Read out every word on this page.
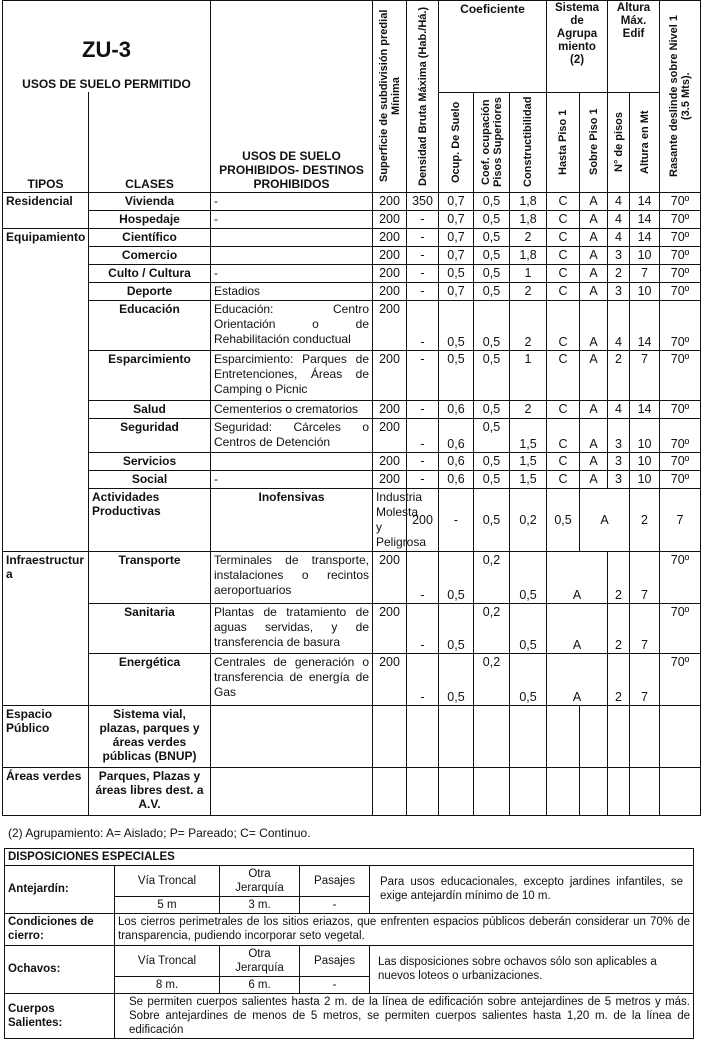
ZU-3
USOS DE SUELO PERMITIDO		USOS DE SUELO PROHIBIDOS- DESTINOS PROHIBIDOS	Superficie de subdivisión predial Mínima	Densidad Bruta Máxima (Hab./Há.)	Coeficiente			Sistema de Agrupa miento (2)		Altura Máx. Edif		Rasante deslinde sobre Nivel 1 (3.5 Mts).	

TIPOS	CLASES				Ocup. De Suelo	Coef. ocupación Pisos Superiores	Constructibilidad	Hasta Piso 1	Sobre Piso 1	N° de pisos	Altura en Mt		

Residencial	Vivienda	-	200	350	0,7	0,5	1,8	C	A	4	14	70º	
	Hospedaje	-	200	-	0,7	0,5	1,8	C	A	4	14	70º	
Equipamiento	Científico		200	-	0,7	0,5	2	C	A	4	14	70º	
	Comercio		200	-	0,7	0,5	1,8	C	A	3	10	70º	
	Culto / Cultura	-	200	-	0,5	0,5	1	C	A	2	7	70º	
	Deporte	Estadios	200	-	0,7	0,5	2	C	A	3	10	70º	
	Educación	Educación: Centro Orientación o de Rehabilitación conductual	200	-	0,5	0,5	2	C	A	4	14	70º	
	Esparcimiento	Esparcimiento: Parques de Entretenciones, Áreas de Camping o Picnic	200	-	0,5	0,5	1	C	A	2	7	70º	
	Salud	Cementerios o crematorios	200	-	0,6	0,5	2	C	A	4	14	70º	
	Seguridad	Seguridad: Cárceles o Centros de Detención	200	-	0,6	0,5	1,5	C	A	3	10	70º	
	Servicios		200	-	0,6	0,5	1,5	C	A	3	10	70º	
	Social	-	200	-	0,6	0,5	1,5	C	A	3	10	70º	
	Actividades Productivas	Inofensivas	Industria Molesta y Peligrosa	200	-	0,5	0,2	0,5	A		2	7	
Infraestructur a	Transporte	Terminales de transporte, instalaciones o recintos aeroportuarios	200	-	0,5	0,2	0,5	A		2	7	70º	
	Sanitaria	Plantas de tratamiento de aguas servidas, y de transferencia de basura	200	-	0,5	0,2	0,5	A		2	7	70º	
	Energética	Centrales de generación o transferencia de energía de Gas	200	-	0,5	0,2	0,5	A		2	7	70º	
Espacio Público	Sistema vial, plazas, parques y áreas verdes públicas (BNUP)												
Áreas verdes	Parques, Plazas y áreas libres dest. a A.V.												
(2) Agrupamiento: A= Aislado; P= Pareado; C= Continuo.
DISPOSICIONES ESPECIALES				
Antejardín:	Vía Troncal	Otra Jerarquía	Pasajes	Para usos educacionales, excepto jardines infantiles, se exige antejardín mínimo de 10 m.
	5 m	3 m.	-	
Condiciones de cierro:	Los cierros perimetrales de los sitios eriazos, que enfrenten espacios públicos deberán considerar un 70% de transparencia, pudiendo incorporar seto vegetal.			
Ochavos:	Vía Troncal	Otra Jerarquía	Pasajes	Las disposiciones sobre ochavos sólo son aplicables a nuevos loteos o urbanizaciones.
	8 m.	6 m.	-	
Cuerpos Salientes:	Se permiten cuerpos salientes hasta 2 m. de la línea de edificación sobre antejardines de 5 metros y más. Sobre antejardines de menos de 5 metros, se permiten cuerpos salientes hasta 1,20 m. de la línea de edificación			
